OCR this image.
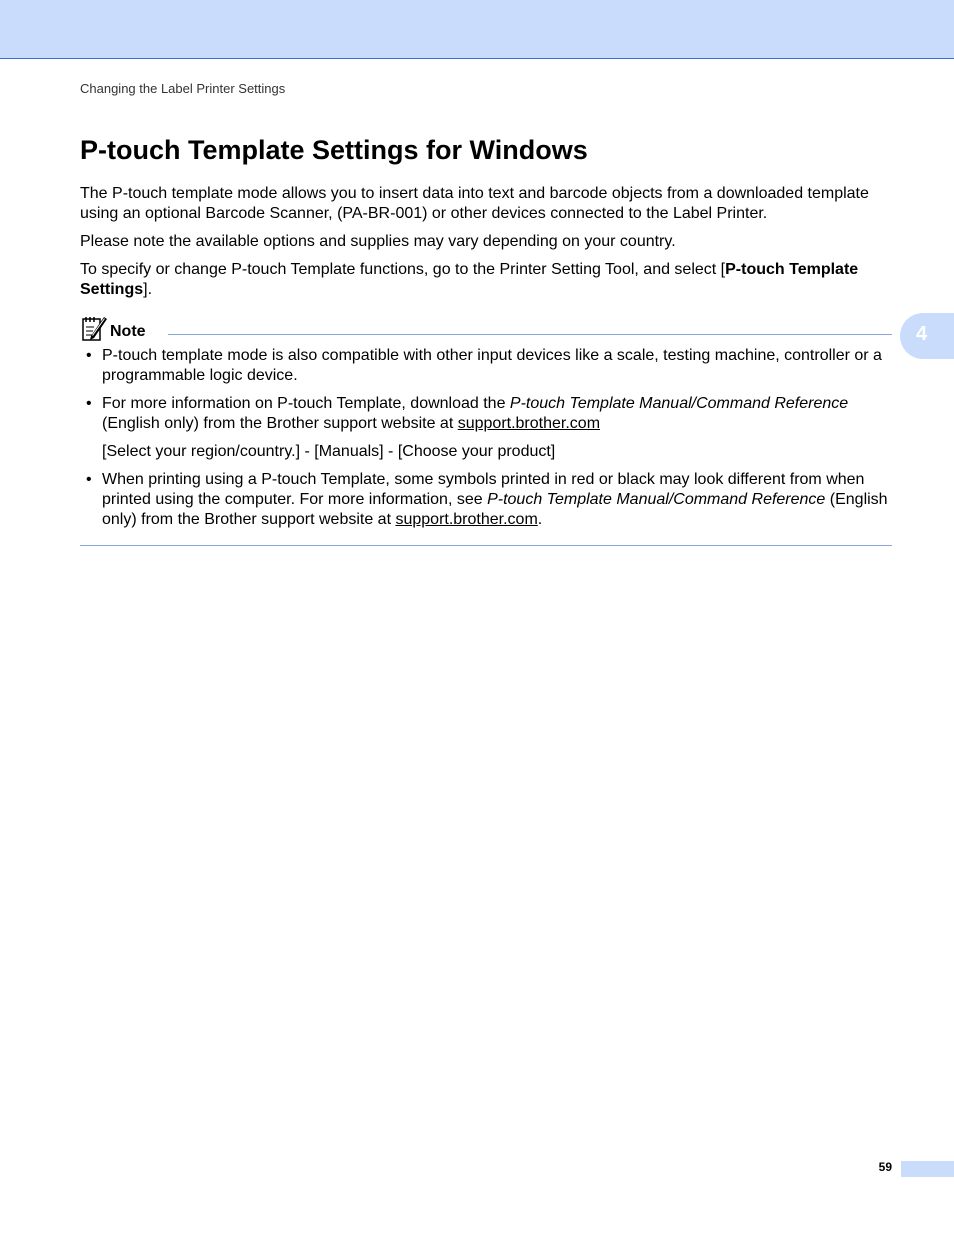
Changing the Label Printer Settings
P-touch Template Settings for Windows

The P-touch template mode allows you to insert data into text and barcode objects from a downloaded template using an optional Barcode Scanner, (PA-BR-001) or other devices connected to the Label Printer.

Please note the available options and supplies may vary depending on your country.

To specify or change P-touch Template functions, go to the Printer Setting Tool, and select [P-touch Template Settings].

Note
• P-touch template mode is also compatible with other input devices like a scale, testing machine, controller or a programmable logic device.
• For more information on P-touch Template, download the P-touch Template Manual/Command Reference (English only) from the Brother support website at support.brother.com
[Select your region/country.] - [Manuals] - [Choose your product]
• When printing using a P-touch Template, some symbols printed in red or black may look different from when printed using the computer. For more information, see P-touch Template Manual/Command Reference (English only) from the Brother support website at support.brother.com.
4
59
